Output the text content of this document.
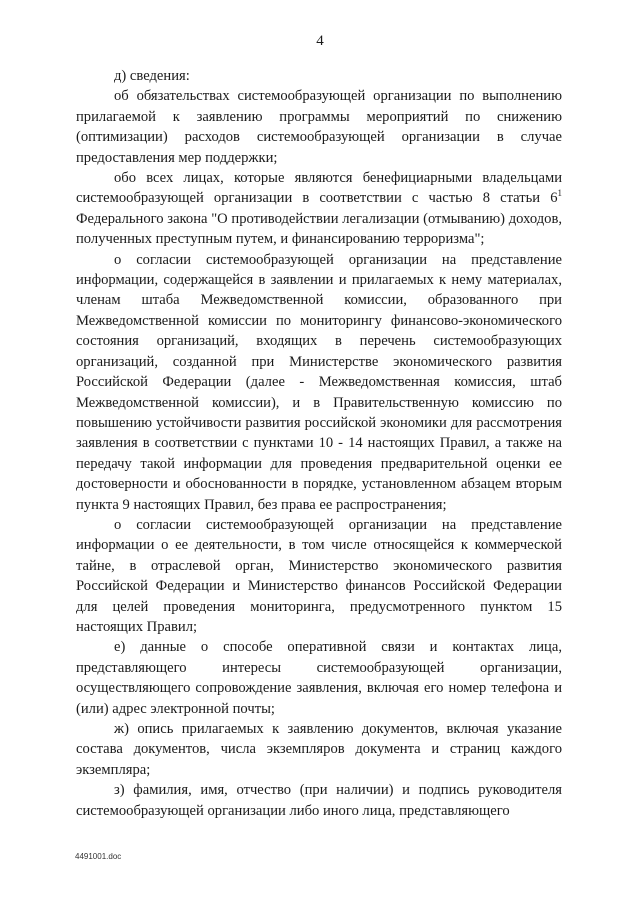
4

д) сведения:

об обязательствах системообразующей организации по выполнению прилагаемой к заявлению программы мероприятий по снижению (оптимизации) расходов системообразующей организации в случае предоставления мер поддержки;

обо всех лицах, которые являются бенефициарными владельцами системообразующей организации в соответствии с частью 8 статьи $6^1$ Федерального закона "О противодействии легализации (отмыванию) доходов, полученных преступным путем, и финансированию терроризма";

о согласии системообразующей организации на представление информации, содержащейся в заявлении и прилагаемых к нему материалах, членам штаба Межведомственной комиссии, образованного при Межведомственной комиссии по мониторингу финансово-экономического состояния организаций, входящих в перечень системообразующих организаций, созданной при Министерстве экономического развития Российской Федерации (далее - Межведомственная комиссия, штаб Межведомственной комиссии), и в Правительственную комиссию по повышению устойчивости развития российской экономики для рассмотрения заявления в соответствии с пунктами 10 - 14 настоящих Правил, а также на передачу такой информации для проведения предварительной оценки ее достоверности и обоснованности в порядке, установленном абзацем вторым пункта 9 настоящих Правил, без права ее распространения;

о согласии системообразующей организации на представление информации о ее деятельности, в том числе относящейся к коммерческой тайне, в отраслевой орган, Министерство экономического развития Российской Федерации и Министерство финансов Российской Федерации для целей проведения мониторинга, предусмотренного пунктом 15 настоящих Правил;

е) данные о способе оперативной связи и контактах лица, представляющего интересы системообразующей организации, осуществляющего сопровождение заявления, включая его номер телефона и (или) адрес электронной почты;

ж) опись прилагаемых к заявлению документов, включая указание состава документов, числа экземпляров документа и страниц каждого экземпляра;

з) фамилия, имя, отчество (при наличии) и подпись руководителя системообразующей организации либо иного лица, представляющего

4491001.doc
